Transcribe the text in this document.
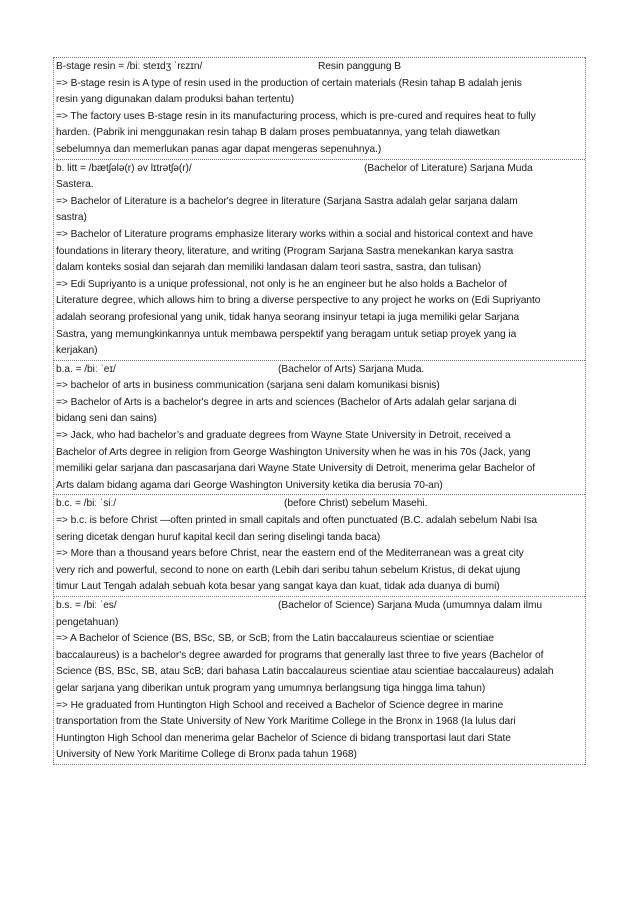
B-stage resin = /biː steɪdʒ ˈrɛzɪn/	Resin panggung B
=> B-stage resin is A type of resin used in the production of certain materials (Resin tahap B adalah jenis
resin yang digunakan dalam produksi bahan tertentu)
=> The factory uses B-stage resin in its manufacturing process, which is pre-cured and requires heat to fully
harden. (Pabrik ini menggunakan resin tahap B dalam proses pembuatannya, yang telah diawetkan
sebelumnya dan memerlukan panas agar dapat mengeras sepenuhnya.)
b. litt = /bætʃələ(r) əv lɪtrətʃə(r)/	(Bachelor of Literature) Sarjana Muda
Sastera.
=> Bachelor of Literature is a bachelor's degree in literature (Sarjana Sastra adalah gelar sarjana dalam
sastra)
=> Bachelor of Literature programs emphasize literary works within a social and historical context and have
foundations in literary theory, literature, and writing (Program Sarjana Sastra menekankan karya sastra
dalam konteks sosial dan sejarah dan memiliki landasan dalam teori sastra, sastra, dan tulisan)
=> Edi Supriyanto is a unique professional, not only is he an engineer but he also holds a Bachelor of
Literature degree, which allows him to bring a diverse perspective to any project he works on (Edi Supriyanto
adalah seorang profesional yang unik, tidak hanya seorang insinyur tetapi ia juga memiliki gelar Sarjana
Sastra, yang memungkinkannya untuk membawa perspektif yang beragam untuk setiap proyek yang ia
kerjakan)
b.a. = /biː ˈeɪ/	(Bachelor of Arts) Sarjana Muda.
=> bachelor of arts in business communication (sarjana seni dalam komunikasi bisnis)
=> Bachelor of Arts is a bachelor's degree in arts and sciences (Bachelor of Arts adalah gelar sarjana di
bidang seni dan sains)
=> Jack, who had bachelor’s and graduate degrees from Wayne State University in Detroit, received a
Bachelor of Arts degree in religion from George Washington University when he was in his 70s (Jack, yang
memiliki gelar sarjana dan pascasarjana dari Wayne State University di Detroit, menerima gelar Bachelor of
Arts dalam bidang agama dari George Washington University ketika dia berusia 70-an)
b.c. = /biː ˈsiː/	(before Christ) sebelum Masehi.
=> b.c. is before Christ —often printed in small capitals and often punctuated (B.C. adalah sebelum Nabi Isa
sering dicetak dengan huruf kapital kecil dan sering diselingi tanda baca)
=> More than a thousand years before Christ, near the eastern end of the Mediterranean was a great city
very rich and powerful, second to none on earth (Lebih dari seribu tahun sebelum Kristus, di dekat ujung
timur Laut Tengah adalah sebuah kota besar yang sangat kaya dan kuat, tidak ada duanya di bumi)
b.s. = /biː ˈes/	(Bachelor of Science) Sarjana Muda (umumnya dalam ilmu
pengetahuan)
=> A Bachelor of Science (BS, BSc, SB, or ScB; from the Latin baccalaureus scientiae or scientiae
baccalaureus) is a bachelor's degree awarded for programs that generally last three to five years (Bachelor of
Science (BS, BSc, SB, atau ScB; dari bahasa Latin baccalaureus scientiae atau scientiae baccalaureus) adalah
gelar sarjana yang diberikan untuk program yang umumnya berlangsung tiga hingga lima tahun)
=> He graduated from Huntington High School and received a Bachelor of Science degree in marine
transportation from the State University of New York Maritime College in the Bronx in 1968 (Ia lulus dari
Huntington High School dan menerima gelar Bachelor of Science di bidang transportasi laut dari State
University of New York Maritime College di Bronx pada tahun 1968)
